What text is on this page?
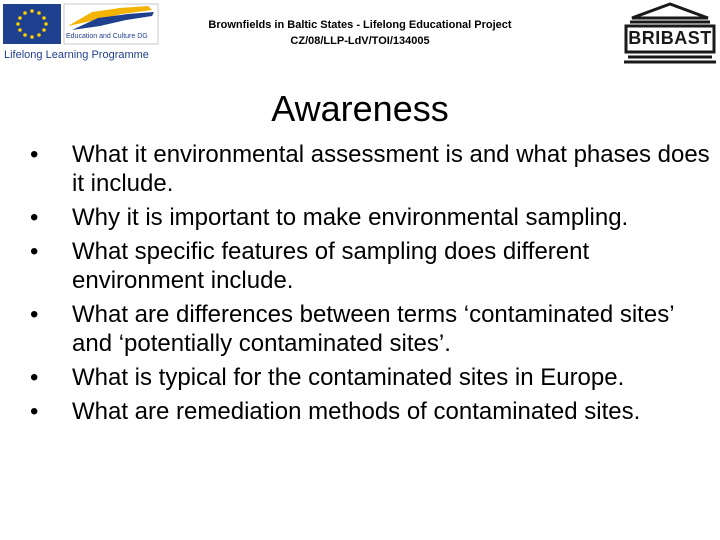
Education and Culture DG
Lifelong Learning Programme
Brownfields in Baltic States - Lifelong Educational Project
CZ/08/LLP-LdV/TOI/134005	BRIBAST
Awareness
• What it environmental assessment is and what phases does it include.
• Why it is important to make environmental sampling.
• What specific features of sampling does different environment include.
• What are differences between terms ‘contaminated sites’ and ‘potentially contaminated sites’.
• What is typical for the contaminated sites in Europe.
• What are remediation methods of contaminated sites.
